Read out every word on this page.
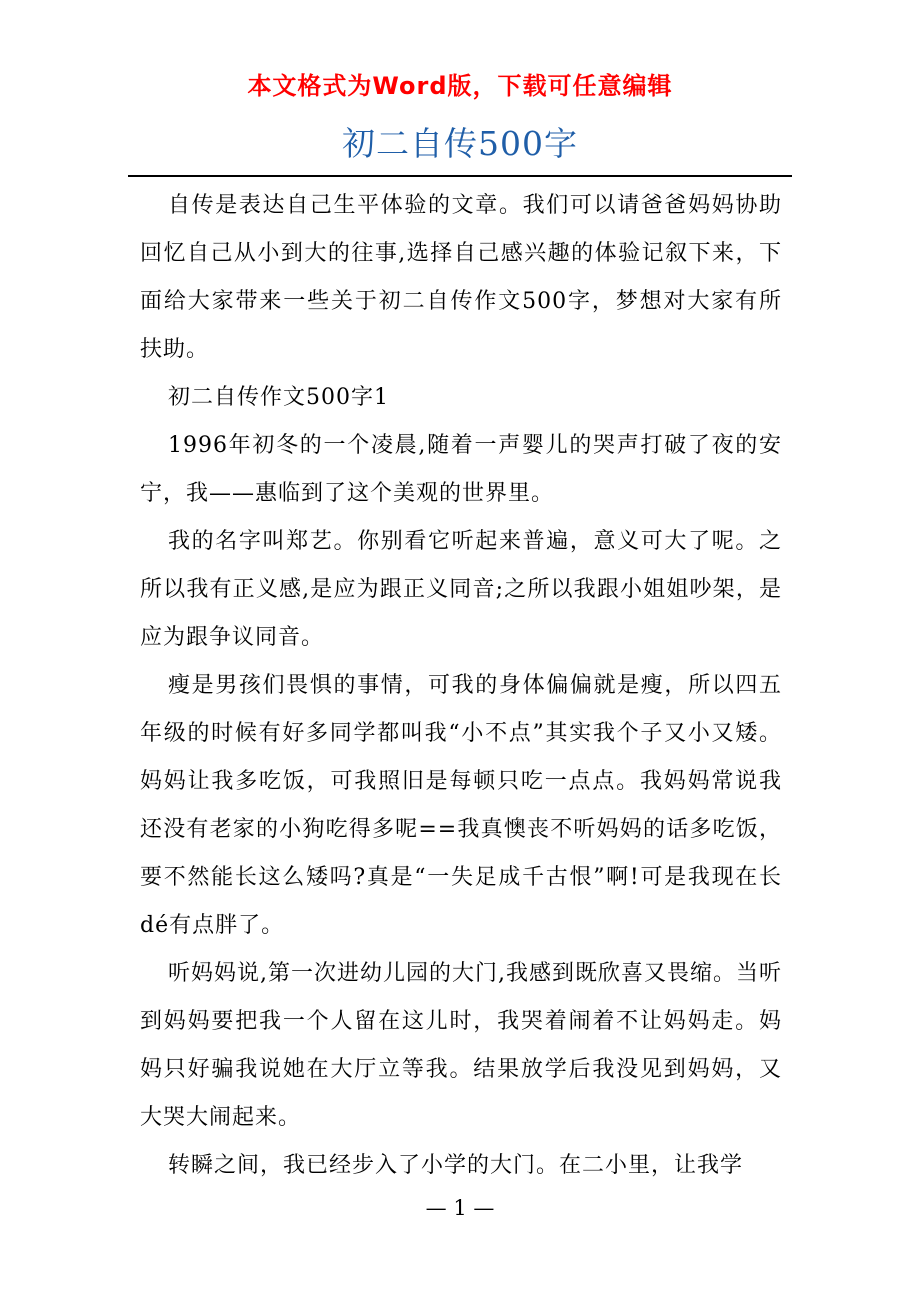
本文格式为Word版，下载可任意编辑
初二自传500字

自传是表达自己生平体验的文章。我们可以请爸爸妈妈协助回忆自己从小到大的往事,选择自己感兴趣的体验记叙下来，下面给大家带来一些关于初二自传作文500字，梦想对大家有所扶助。

初二自传作文500字1

1996年初冬的一个凌晨,随着一声婴儿的哭声打破了夜的安宁，我——惠临到了这个美观的世界里。

我的名字叫郑艺。你别看它听起来普遍，意义可大了呢。之所以我有正义感,是应为跟正义同音;之所以我跟小姐姐吵架，是应为跟争议同音。

瘦是男孩们畏惧的事情，可我的身体偏偏就是瘦，所以四五年级的时候有好多同学都叫我“小不点”其实我个子又小又矮。妈妈让我多吃饭，可我照旧是每顿只吃一点点。我妈妈常说我还没有老家的小狗吃得多呢==我真懊丧不听妈妈的话多吃饭，要不然能长这么矮吗?真是“一失足成千古恨”啊!可是我现在长dé有点胖了。

听妈妈说,第一次进幼儿园的大门,我感到既欣喜又畏缩。当听到妈妈要把我一个人留在这儿时，我哭着闹着不让妈妈走。妈妈只好骗我说她在大厅立等我。结果放学后我没见到妈妈，又大哭大闹起来。

转瞬之间，我已经步入了小学的大门。在二小里，让我学

— 1 —
